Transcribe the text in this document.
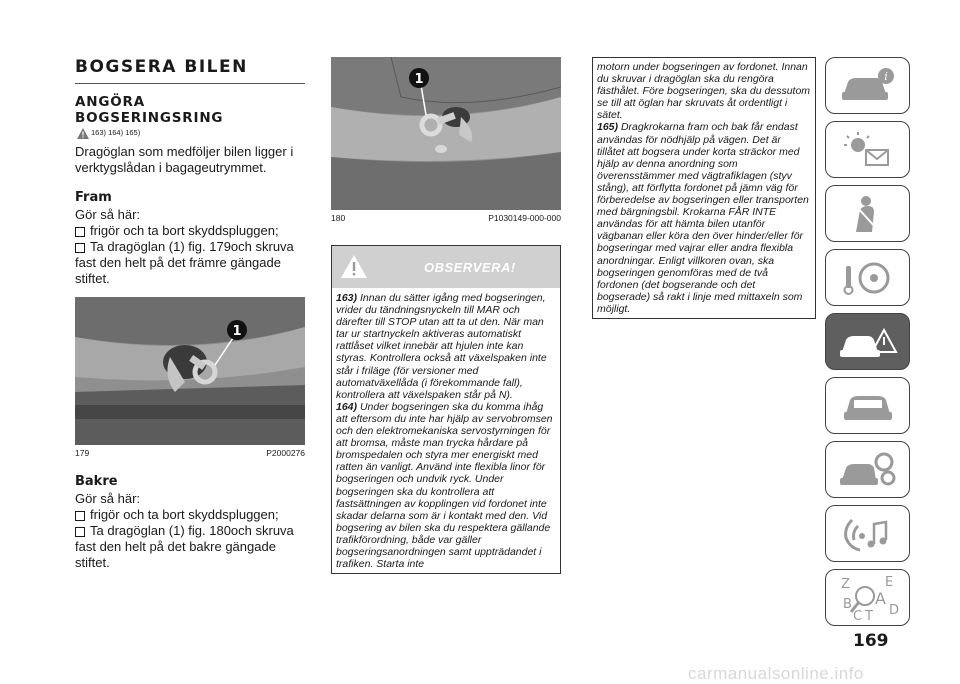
BOGSERA BILEN
ANGÖRA
BOGSERINGSRING
163) 164) 165)

Dragöglan som medföljer bilen ligger i verktygslådan i bagageutrymmet.

Fram

Gör så här:

frigör och ta bort skyddspluggen;
Ta dragöglan (1) fig. 179och skruva

fast den helt på det främre gängade stiftet.

1
179	P2000276
Bakre

Gör så här:

frigör och ta bort skyddspluggen;
Ta dragöglan (1) fig. 180och skruva

fast den helt på det bakre gängade stiftet.

1
180	P1030149-000-000
OBSERVERA!
163) Innan du sätter igång med bogseringen, vrider du tändningsnyckeln till MAR och därefter till STOP utan att ta ut den. När man tar ur startnyckeln aktiveras automatiskt rattlåset vilket innebär att hjulen inte kan styras. Kontrollera också att växelspaken inte står i friläge (för versioner med automatväxellåda (i förekommande fall), kontrollera att växelspaken står på N).
164) Under bogseringen ska du komma ihåg att eftersom du inte har hjälp av servobromsen och den elektromekaniska servostyrningen för att bromsa, måste man trycka hårdare på bromspedalen och styra mer energiskt med ratten än vanligt. Använd inte flexibla linor för bogseringen och undvik ryck. Under bogseringen ska du kontrollera att fastsättningen av kopplingen vid fordonet inte skadar delarna som är i kontakt med den. Vid bogsering av bilen ska du respektera gällande trafikförordning, både var gäller bogseringsanordningen samt uppträdandet i trafiken. Starta inte
motorn under bogseringen av fordonet. Innan du skruvar i dragöglan ska du rengöra fästhålet. Före bogseringen, ska du dessutom se till att öglan har skruvats åt ordentligt i sätet.
165) Dragkrokarna fram och bak får endast användas för nödhjälp på vägen. Det är tillåtet att bogsera under korta sträckor med hjälp av denna anordning som överensstämmer med vägtrafiklagen (styv stång), att förflytta fordonet på jämn väg för förberedelse av bogseringen eller transporten med bärgningsbil. Krokarna FÅR INTE användas för att hämta bilen utanför vägbanan eller köra den över hinder/eller för bogseringar med vajrar eller andra flexibla anordningar. Enligt villkoren ovan, ska bogseringen genomföras med de två fordonen (det bogserande och det bogserade) så rakt i linje med mittaxeln som möjligt.
i
Z	E
B A
C T D
169
carmanualsonline.info
